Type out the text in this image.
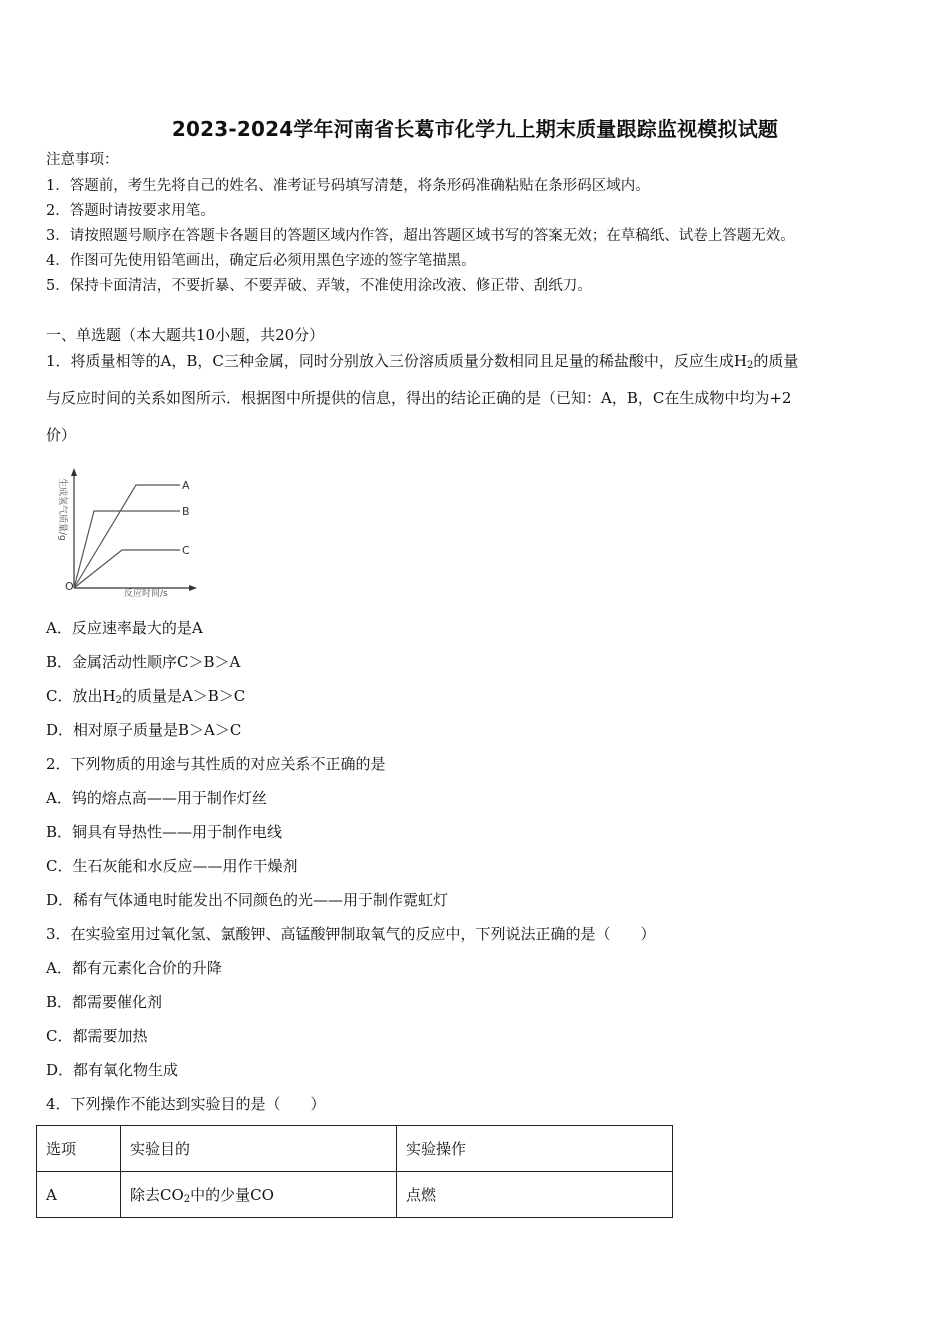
2023-2024学年河南省长葛市化学九上期末质量跟踪监视模拟试题
注意事项：
1．答题前，考生先将自己的姓名、准考证号码填写清楚，将条形码准确粘贴在条形码区域内。
2．答题时请按要求用笔。
3．请按照题号顺序在答题卡各题目的答题区域内作答，超出答题区域书写的答案无效；在草稿纸、试卷上答题无效。
4．作图可先使用铅笔画出，确定后必须用黑色字迹的签字笔描黑。
5．保持卡面清洁，不要折暴、不要弄破、弄皱，不准使用涂改液、修正带、刮纸刀。
一、单选题（本大题共10小题，共20分）
1．将质量相等的A，B，C三种金属，同时分别放入三份溶质质量分数相同且足量的稀盐酸中，反应生成$H_2$的质量
与反应时间的关系如图所示．根据图中所提供的信息，得出的结论正确的是（已知：A，B，C在生成物中均为+2
价）
A
B
C
O
反应时间/s
生成氢气质量/g
A．反应速率最大的是A
B．金属活动性顺序C＞B＞A
C．放出$H_2$的质量是A＞B＞C
D．相对原子质量是B＞A＞C
2．下列物质的用途与其性质的对应关系不正确的是
A．钨的熔点高——用于制作灯丝
B．铜具有导热性——用于制作电线
C．生石灰能和水反应——用作干燥剂
D．稀有气体通电时能发出不同颜色的光——用于制作霓虹灯
3．在实验室用过氧化氢、氯酸钾、高锰酸钾制取氧气的反应中，下列说法正确的是（　　）
A．都有元素化合价的升降
B．都需要催化剂
C．都需要加热
D．都有氧化物生成
4．下列操作不能达到实验目的是（　　）
选项	实验目的	实验操作
A	除去$CO_2$中的少量CO	点燃
